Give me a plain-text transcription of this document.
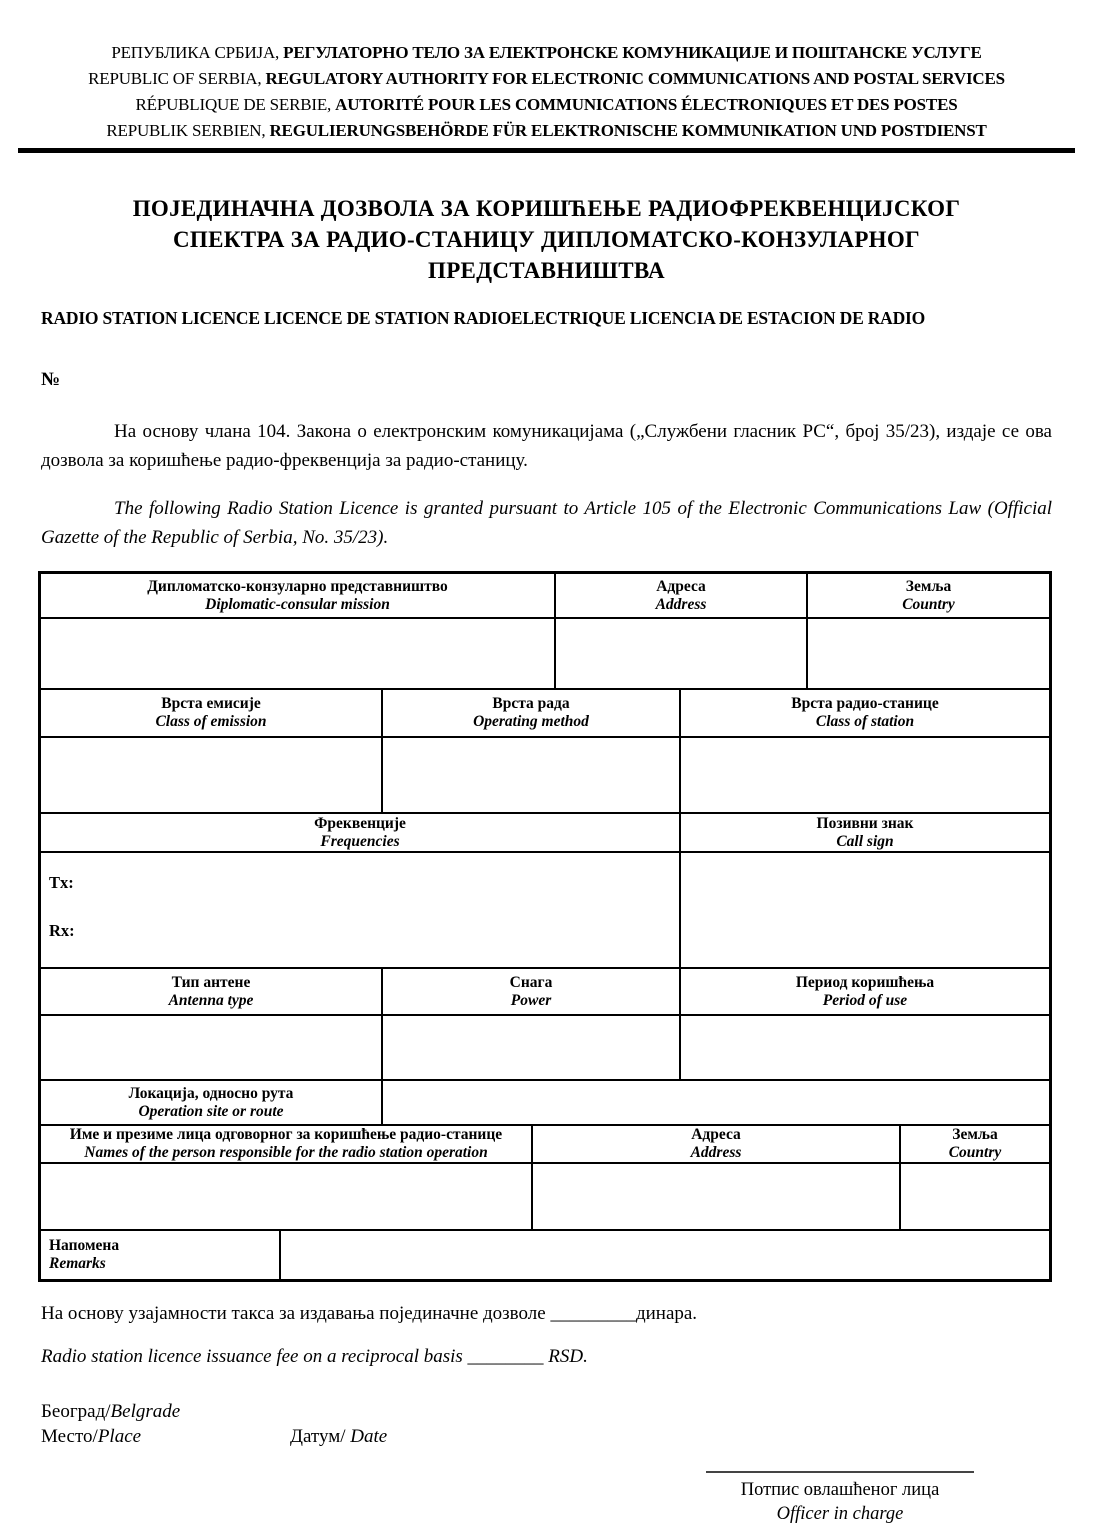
РЕПУБЛИКА СРБИЈА, РЕГУЛАТОРНО ТЕЛО ЗА ЕЛЕКТРОНСКЕ КОМУНИКАЦИЈЕ И ПОШТАНСКЕ УСЛУГЕ
REPUBLIC OF SERBIA, REGULATORY AUTHORITY FOR ELECTRONIC COMMUNICATIONS AND POSTAL SERVICES
RÉPUBLIQUE DE SERBIE, AUTORITÉ POUR LES COMMUNICATIONS ÉLECTRONIQUES ET DES POSTES
REPUBLIK SERBIEN, REGULIERUNGSBEHÖRDE FÜR ELEKTRONISCHE KOMMUNIKATION UND POSTDIENST
ПОЈЕДИНАЧНА ДОЗВОЛА ЗА КОРИШЋЕЊЕ РАДИОФРЕКВЕНЦИЈСКОГ
СПЕКТРА ЗА РАДИО-СТАНИЦУ ДИПЛОМАТСКО-КОНЗУЛАРНОГ
ПРЕДСТАВНИШТВА
RADIO STATION LICENCE LICENCE DE STATION RADIOELECTRIQUE LICENCIA DE ESTACION DE RADIO
№

На основу члана 104. Закона о електронским комуникацијама („Службени гласник РС“, број 35/23), издаје се ова дозвола за коришћење радио-фреквенција за радио-станицу.

The following Radio Station Licence is granted pursuant to Article 105 of the Electronic Communications Law (Official Gazette of the Republic of Serbia, No. 35/23).

Дипломатско-конзуларно представништво
Diplomatic-consular mission
Адреса
Address
Земља
Country
Врста емисије
Class of emission
Врста рада
Operating method
Врста радио-станице
Class of station
Фреквенције
Frequencies
Позивни знак
Call sign
Tx:
Rx:
Тип антене
Antenna type
Снага
Power
Период коришћења
Period of use
Локација, односно рута
Operation site or route
Име и презиме лица одговорног за коришћење радио-станице
Names of the person responsible for the radio station operation
Адреса
Address
Земља
Country
Напомена
Remarks

На основу узајамности такса за издавања појединачне дозволе _________динара.

Radio station licence issuance fee on a reciprocal basis ________ RSD.

Београд/Belgrade
Место/Place	Датум/ Date
Потпис овлашћеног лица
Officer in charge
